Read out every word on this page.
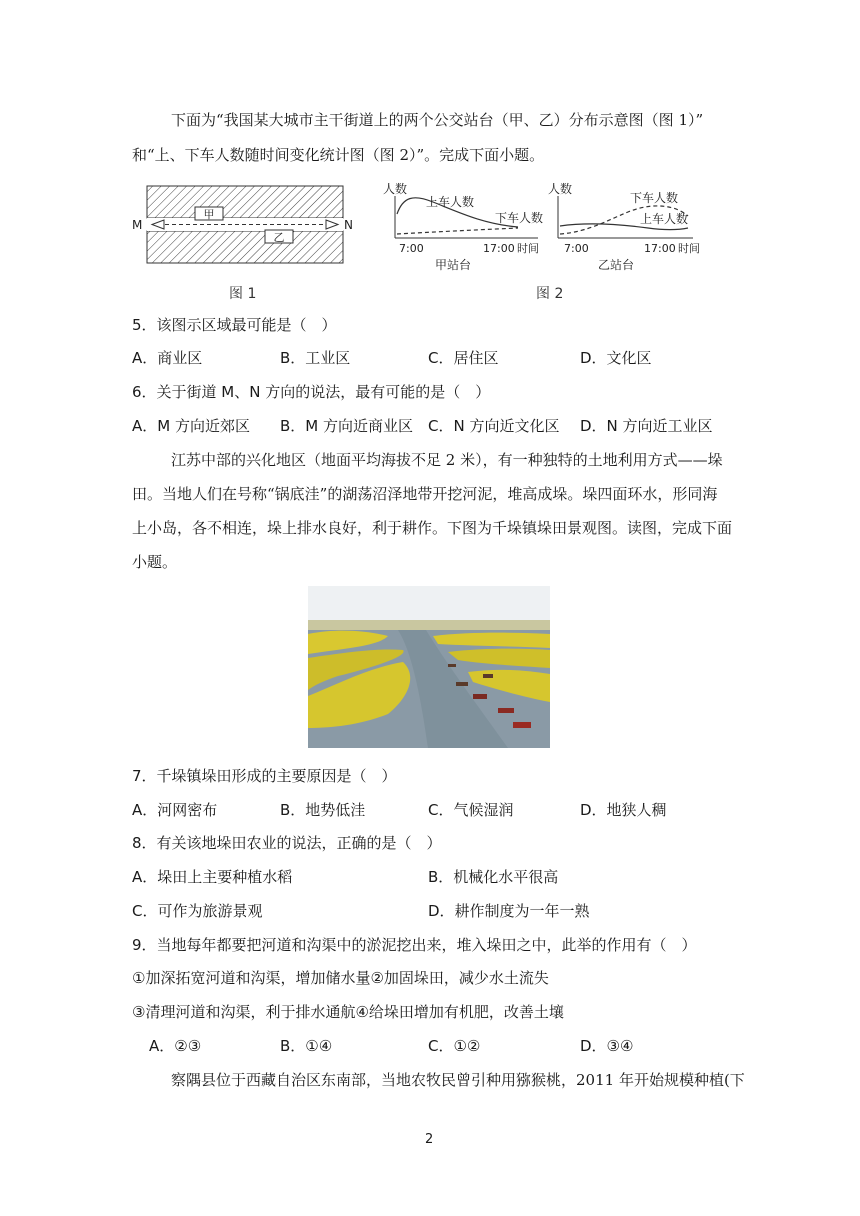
下面为“我国某大城市主干街道上的两个公交站台（甲、乙）分布示意图（图 1）”
和“上、下车人数随时间变化统计图（图 2）”。完成下面小题。
甲
乙
M	N
图 1
人数
上车人数
下车人数
7:00	17:00 时间
甲站台
人数
下车人数
上车人数
7:00	17:00 时间
乙站台
图 2
5．该图示区域最可能是（　）
A．商业区	B．工业区	C．居住区	D．文化区
6．关于街道 M、N 方向的说法，最有可能的是（　）
A．M 方向近郊区 B．M 方向近商业区 C．N 方向近文化区 D．N 方向近工业区
江苏中部的兴化地区（地面平均海拔不足 2 米），有一种独特的土地利用方式——垛
田。当地人们在号称“锅底洼”的湖荡沼泽地带开挖河泥，堆高成垛。垛四面环水，形同海
上小岛，各不相连，垛上排水良好，利于耕作。下图为千垛镇垛田景观图。读图，完成下面
小题。
7．千垛镇垛田形成的主要原因是（　）
A．河网密布	B．地势低洼	C．气候湿润	D．地狭人稠
8．有关该地垛田农业的说法，正确的是（　）
A．垛田上主要种植水稻	B．机械化水平很高
C．可作为旅游景观	D．耕作制度为一年一熟
9．当地每年都要把河道和沟渠中的淤泥挖出来，堆入垛田之中，此举的作用有（　）
①加深拓宽河道和沟渠，增加储水量②加固垛田，减少水土流失
③清理河道和沟渠，利于排水通航④给垛田增加有机肥，改善土壤
A．②③	B．①④	C．①②	D．③④
察隅县位于西藏自治区东南部，当地农牧民曾引种用猕猴桃，2011 年开始规模种植(下
2
